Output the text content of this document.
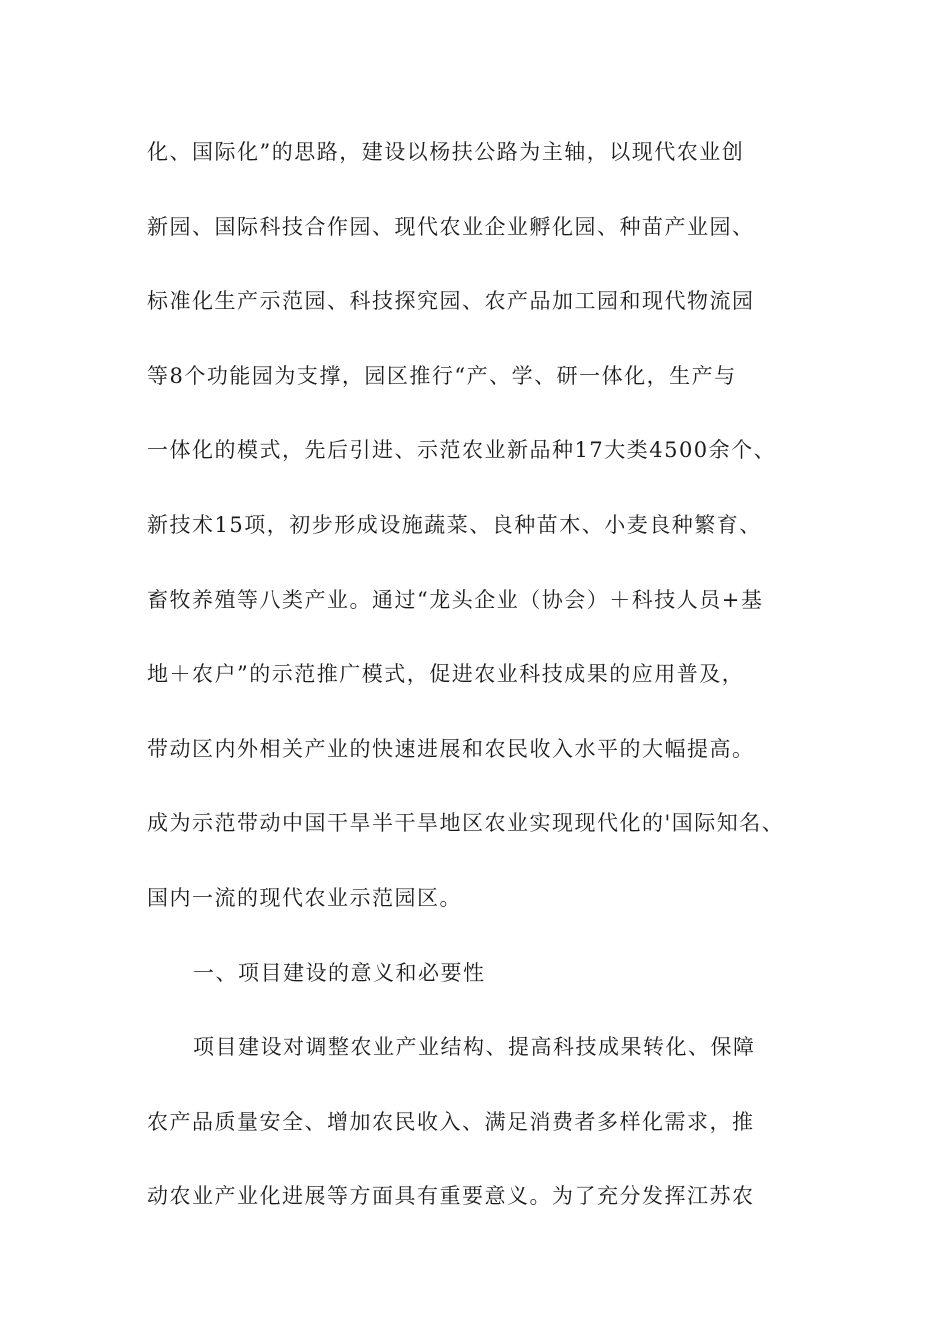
化、国际化”的思路，建设以杨扶公路为主轴，以现代农业创
新园、国际科技合作园、现代农业企业孵化园、种苗产业园、
标准化生产示范园、科技探究园、农产品加工园和现代物流园
等8个功能园为支撑，园区推行“产、学、研一体化，生产与
一体化的模式，先后引进、示范农业新品种17大类4500余个、
新技术15项，初步形成设施蔬菜、良种苗木、小麦良种繁育、
畜牧养殖等八类产业。通过“龙头企业（协会）＋科技人员+基
地＋农户”的示范推广模式，促进农业科技成果的应用普及，
带动区内外相关产业的快速进展和农民收入水平的大幅提高。
成为示范带动中国干旱半干旱地区农业实现现代化的'国际知名、
国内一流的现代农业示范园区。
一、项目建设的意义和必要性
项目建设对调整农业产业结构、提高科技成果转化、保障
农产品质量安全、增加农民收入、满足消费者多样化需求，推
动农业产业化进展等方面具有重要意义。为了充分发挥江苏农
